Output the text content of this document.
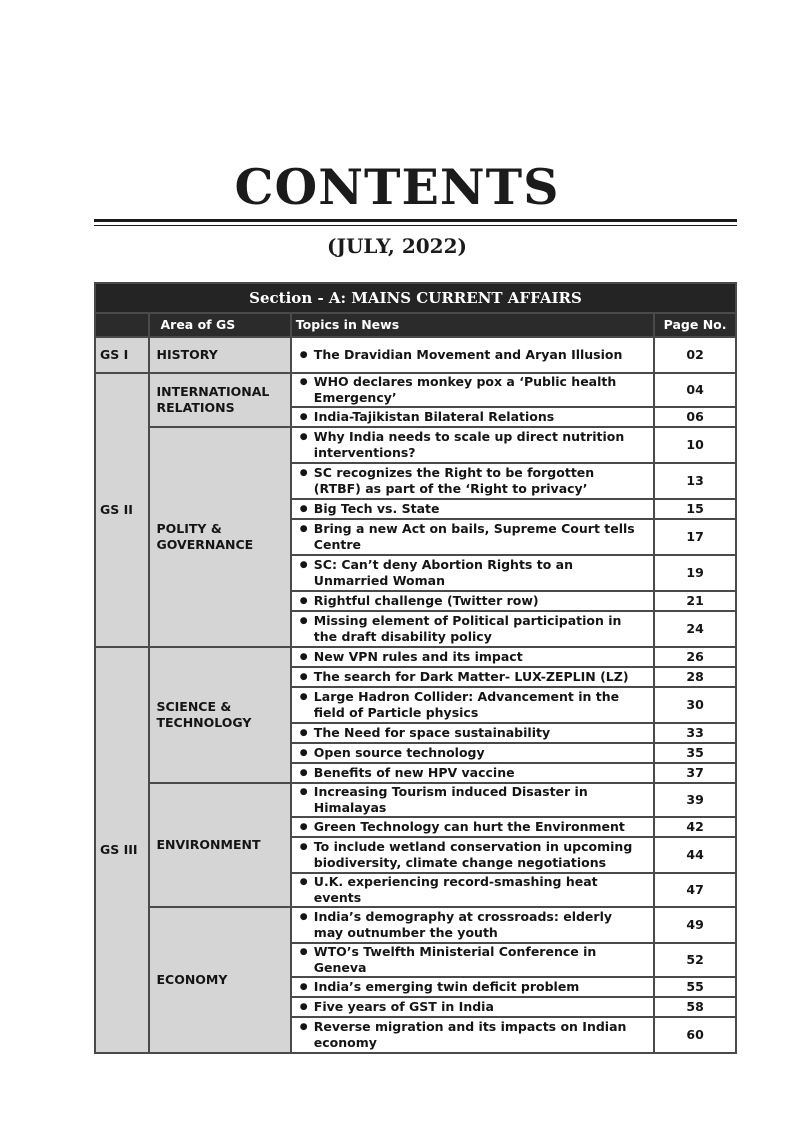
CONTENTS
(JULY, 2022)
Section - A: MAINS CURRENT AFFAIRS			
	Area of GS	Topics in News	Page No.
GS I	HISTORY	● The Dravidian Movement and Aryan Illusion	02
GS II	INTERNATIONAL RELATIONS	● WHO declares monkey pox a ‘Public health Emergency’	04
		● India-Tajikistan Bilateral Relations	06
	POLITY & GOVERNANCE	● Why India needs to scale up direct nutrition interventions?	10
		● SC recognizes the Right to be forgotten (RTBF) as part of the ‘Right to privacy’	13
		● Big Tech vs. State	15
		● Bring a new Act on bails, Supreme Court tells Centre	17
		● SC: Can’t deny Abortion Rights to an Unmarried Woman	19
		● Rightful challenge (Twitter row)	21
		● Missing element of Political participation in the draft disability policy	24
GS III	SCIENCE & TECHNOLOGY	● New VPN rules and its impact	26
		● The search for Dark Matter- LUX-ZEPLIN (LZ)	28
		● Large Hadron Collider: Advancement in the field of Particle physics	30
		● The Need for space sustainability	33
		● Open source technology	35
		● Benefits of new HPV vaccine	37
	ENVIRONMENT	● Increasing Tourism induced Disaster in Himalayas	39
		● Green Technology can hurt the Environment	42
		● To include wetland conservation in upcoming biodiversity, climate change negotiations	44
		● U.K. experiencing record-smashing heat events	47
	ECONOMY	● India’s demography at crossroads: elderly may outnumber the youth	49
		● WTO’s Twelfth Ministerial Conference in Geneva	52
		● India’s emerging twin deficit problem	55
		● Five years of GST in India	58
		● Reverse migration and its impacts on Indian economy	60
